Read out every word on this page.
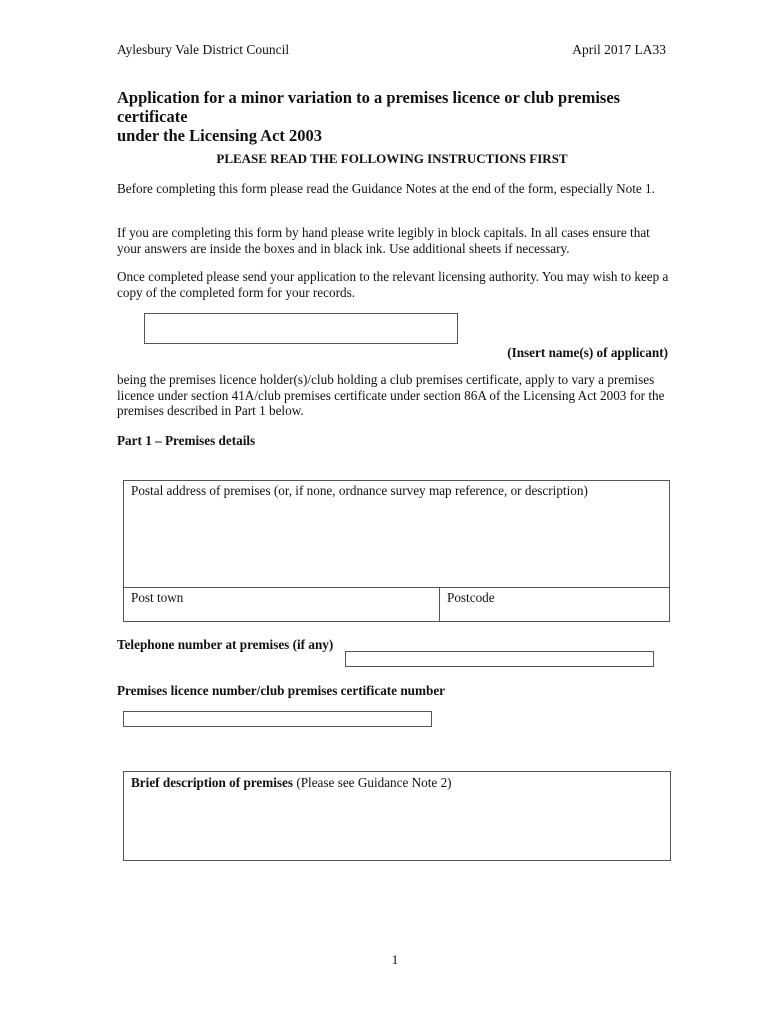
Aylesbury Vale District Council	April 2017 LA33
Application for a minor variation to a premises licence or club premises certificate
under the Licensing Act 2003
PLEASE READ THE FOLLOWING INSTRUCTIONS FIRST
Before completing this form please read the Guidance Notes at the end of the form, especially Note 1.
If you are completing this form by hand please write legibly in block capitals. In all cases ensure that your answers are inside the boxes and in black ink. Use additional sheets if necessary.
Once completed please send your application to the relevant licensing authority. You may wish to keep a copy of the completed form for your records.
(Insert name(s) of applicant)
being the premises licence holder(s)/club holding a club premises certificate, apply to vary a premises licence under section 41A/club premises certificate under section 86A of the Licensing Act 2003 for the premises described in Part 1 below.
Part 1 – Premises details
Postal address of premises (or, if none, ordnance survey map reference, or description)
Post town	Postcode
Telephone number at premises (if any)
Premises licence number/club premises certificate number
Brief description of premises (Please see Guidance Note 2)
1
